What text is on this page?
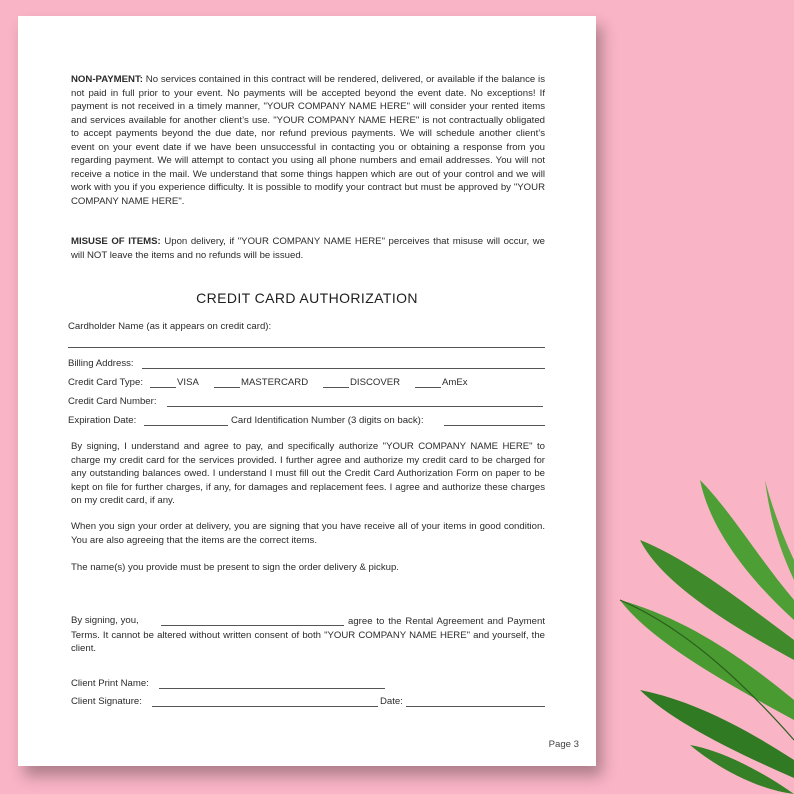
NON-PAYMENT: No services contained in this contract will be rendered, delivered, or available if the balance is not paid in full prior to your event. No payments will be accepted beyond the event date. No exceptions! If payment is not received in a timely manner, "YOUR COMPANY NAME HERE" will consider your rented items and services available for another client’s use. "YOUR COMPANY NAME HERE" is not contractually obligated to accept payments beyond the due date, nor refund previous payments. We will schedule another client’s event on your event date if we have been unsuccessful in contacting you or obtaining a response from you regarding payment. We will attempt to contact you using all phone numbers and email addresses. You will not receive a notice in the mail. We understand that some things happen which are out of your control and we will work with you if you experience difficulty. It is possible to modify your contract but must be approved by "YOUR COMPANY NAME HERE".

MISUSE OF ITEMS: Upon delivery, if "YOUR COMPANY NAME HERE" perceives that misuse will occur, we will NOT leave the items and no refunds will be issued.

CREDIT CARD AUTHORIZATION
Cardholder Name (as it appears on credit card):
Billing Address:
Credit Card Type:	VISA	MASTERCARD	DISCOVER	AmEx
Credit Card Number:
Expiration Date:	Card Identification Number (3 digits on back):

By signing, I understand and agree to pay, and specifically authorize "YOUR COMPANY NAME HERE" to charge my credit card for the services provided. I further agree and authorize my credit card to be charged for any outstanding balances owed. I understand I must fill out the Credit Card Authorization Form on paper to be kept on file for further charges, if any, for damages and replacement fees. I agree and authorize these charges on my credit card, if any.

When you sign your order at delivery, you are signing that you have receive all of your items in good condition. You are also agreeing that the items are the correct items.

The name(s) you provide must be present to sign the order delivery & pickup.

By signing, you,	agree to the Rental Agreement and Payment Terms. It cannot be altered without written consent of both "YOUR COMPANY NAME HERE" and yourself, the client.

Client Print Name:
Client Signature:	Date:
Page 3
